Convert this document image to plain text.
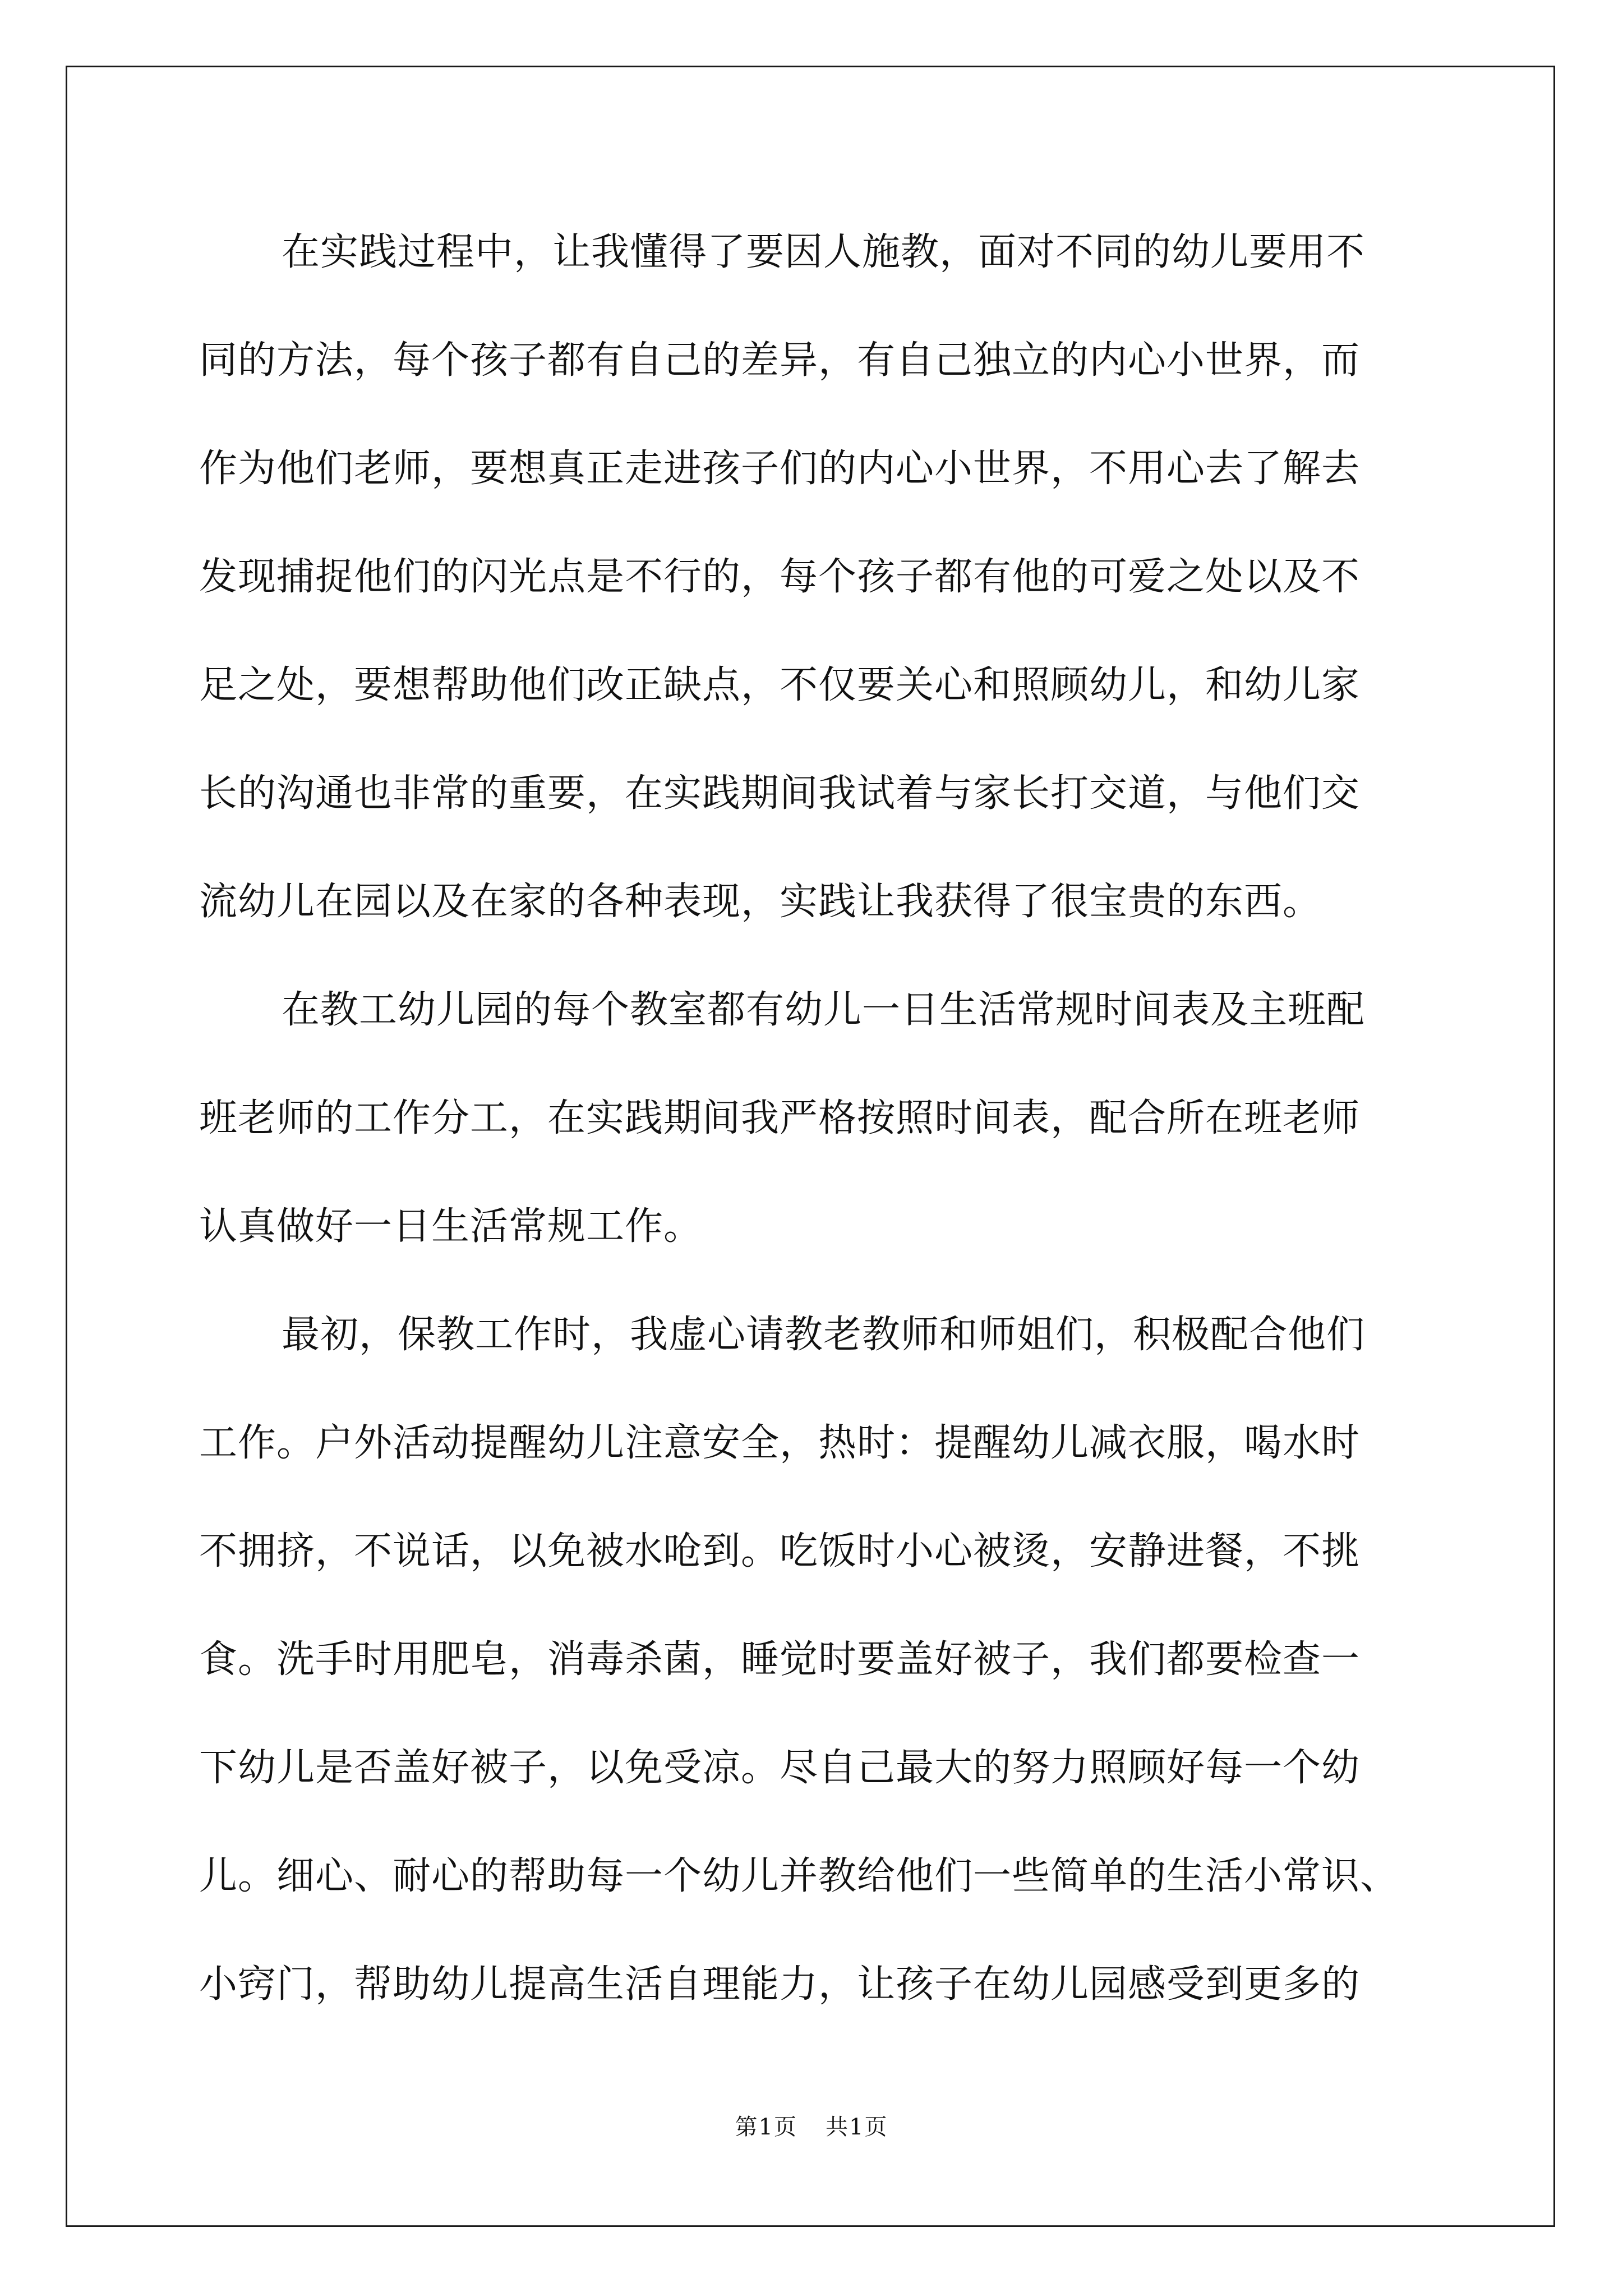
在实践过程中，让我懂得了要因人施教，面对不同的幼儿要用不
同的方法，每个孩子都有自己的差异，有自己独立的内心小世界，而
作为他们老师，要想真正走进孩子们的内心小世界，不用心去了解去
发现捕捉他们的闪光点是不行的，每个孩子都有他的可爱之处以及不
足之处，要想帮助他们改正缺点，不仅要关心和照顾幼儿，和幼儿家
长的沟通也非常的重要，在实践期间我试着与家长打交道，与他们交
流幼儿在园以及在家的各种表现，实践让我获得了很宝贵的东西。
在教工幼儿园的每个教室都有幼儿一日生活常规时间表及主班配
班老师的工作分工，在实践期间我严格按照时间表，配合所在班老师
认真做好一日生活常规工作。
最初，保教工作时，我虚心请教老教师和师姐们，积极配合他们
工作。户外活动提醒幼儿注意安全，热时：提醒幼儿减衣服，喝水时
不拥挤，不说话，以免被水呛到。吃饭时小心被烫，安静进餐，不挑
食。洗手时用肥皂，消毒杀菌，睡觉时要盖好被子，我们都要检查一
下幼儿是否盖好被子，以免受凉。尽自己最大的努力照顾好每一个幼
儿。细心、耐心的帮助每一个幼儿并教给他们一些简单的生活小常识、
小窍门，帮助幼儿提高生活自理能力，让孩子在幼儿园感受到更多的
第1页 共1页
